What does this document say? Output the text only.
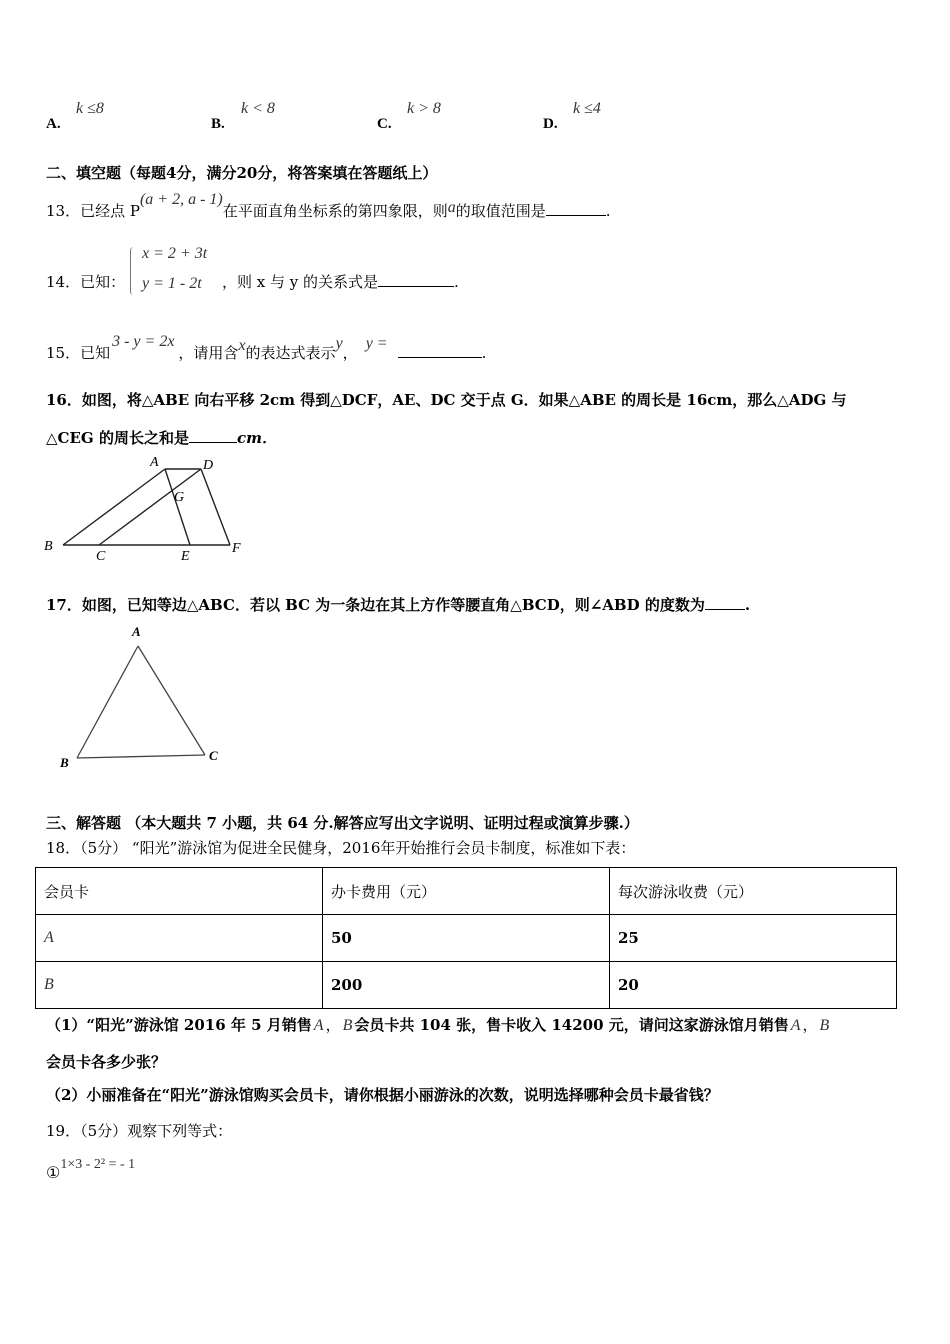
A.
k ≤8
B.
k < 8
C.
k > 8
D.
k ≤4
二、填空题（每题4分，满分20分，将答案填在答题纸上）
13．已经点 P(a + 2, a - 1)在平面直角坐标系的第四象限，则a的取值范围是	.
14．已知：
x = 2 + 3t
y = 1 - 2t ，则 x 与 y 的关系式是	.
15．已知3 - y = 2x，请用含x的表达式表示y，y =.
16．如图，将△ABE 向右平移 2cm 得到△DCF，AE、DC 交于点 G．如果△ABE 的周长是 16cm，那么△ADG 与
△CEG 的周长之和是	cm．
A	D
G
B
C	E
F
17．如图，已知等边△ABC．若以 BC 为一条边在其上方作等腰直角△BCD，则∠ABD 的度数为	.
A
B	C
三、解答题 （本大题共 7 小题，共 64 分.解答应写出文字说明、证明过程或演算步骤.）
18．（5分） “阳光”游泳馆为促进全民健身，2016年开始推行会员卡制度，标准如下表：
会员卡	办卡费用（元）	每次游泳收费（元）
A	50	25
B	200	20
（1）“阳光”游泳馆 2016 年 5 月销售 A ， B 会员卡共 104 张，售卡收入 14200 元，请问这家游泳馆月销售 A ， B
会员卡各多少张？
（2）小丽准备在“阳光”游泳馆购买会员卡，请你根据小丽游泳的次数，说明选择哪种会员卡最省钱？
19．（5分）观察下列等式：
①1×3 - 2² = - 1
